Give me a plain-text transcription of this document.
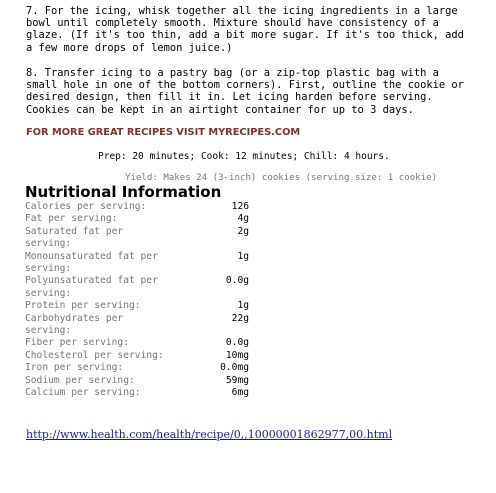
7. For the icing, whisk together all the icing ingredients in a large
bowl until completely smooth. Mixture should have consistency of a
glaze. (If it's too thin, add a bit more sugar. If it's too thick, add
a few more drops of lemon juice.)

8. Transfer icing to a pastry bag (or a zip-top plastic bag with a
small hole in one of the bottom corners). First, outline the cookie or
desired design, then fill it in. Let icing harden before serving.
Cookies can be kept in an airtight container for up to 3 days.

FOR MORE GREAT RECIPES VISIT MYRECIPES.COM
Prep: 20 minutes; Cook: 12 minutes; Chill: 4 hours.
Yield: Makes 24 (3-inch) cookies (serving size: 1 cookie)
Nutritional Information
Calories per serving:	126
Fat per serving:	4g
Saturated fat per serving:	2g
Monounsaturated fat per serving:	1g
Polyunsaturated fat per serving:	0.0g
Protein per serving:	1g
Carbohydrates per serving:	22g
Fiber per serving:	0.0g
Cholesterol per serving:	10mg
Iron per serving:	0.0mg
Sodium per serving:	59mg
Calcium per serving:	6mg
http://www.health.com/health/recipe/0,,10000001862977,00.html
